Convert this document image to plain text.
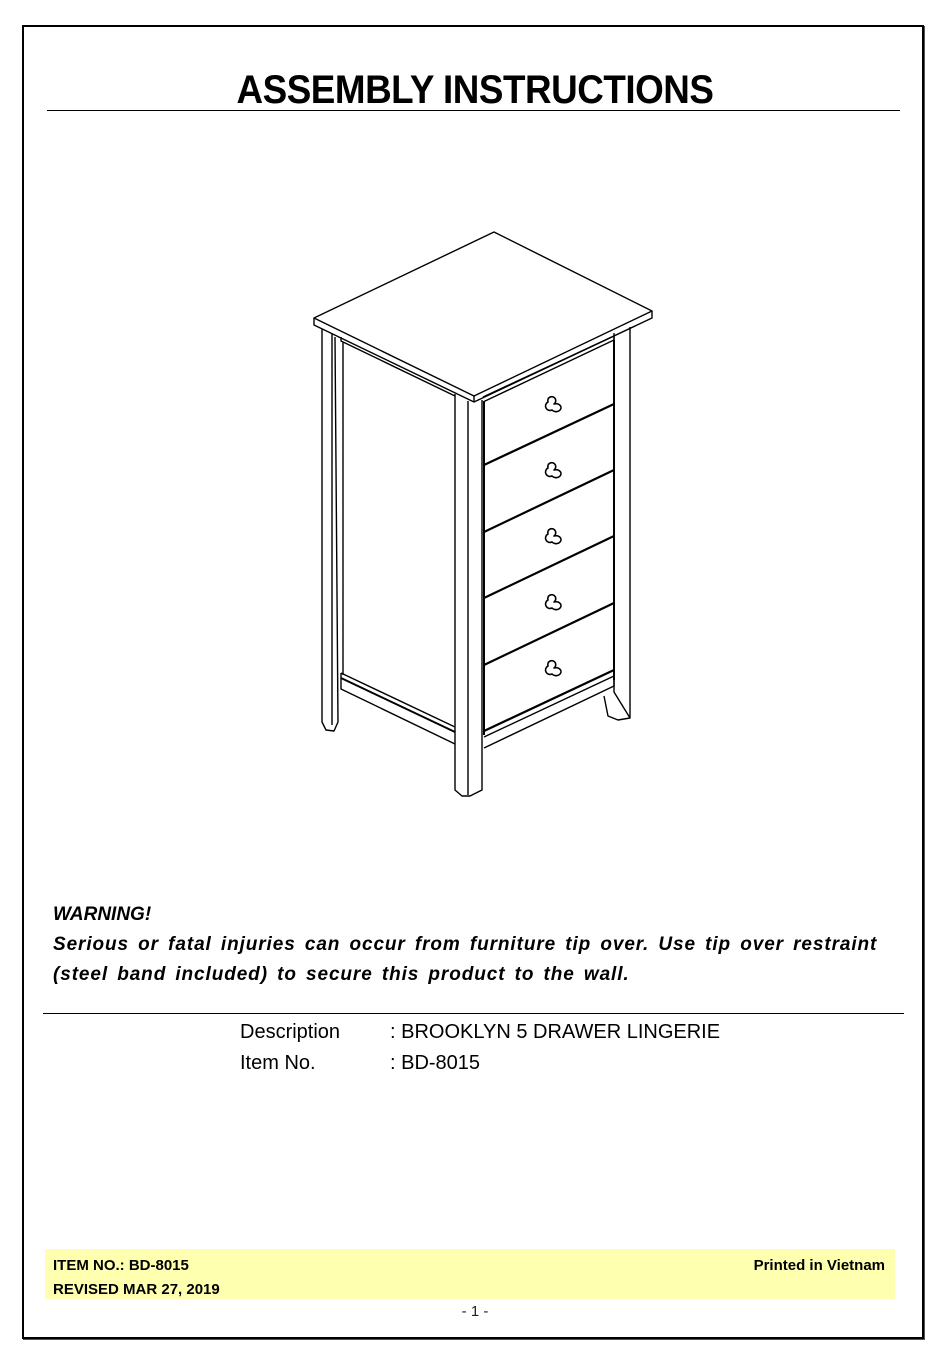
ASSEMBLY INSTRUCTIONS
WARNING!
Serious or fatal injuries can occur from furniture tip over. Use tip over restraint (steel band included) to secure this product to the wall.
Description	: BROOKLYN 5 DRAWER LINGERIE
Item No.	: BD-8015
ITEM NO.: BD-8015
REVISED MAR 27, 2019
Printed in Vietnam
- 1 -
